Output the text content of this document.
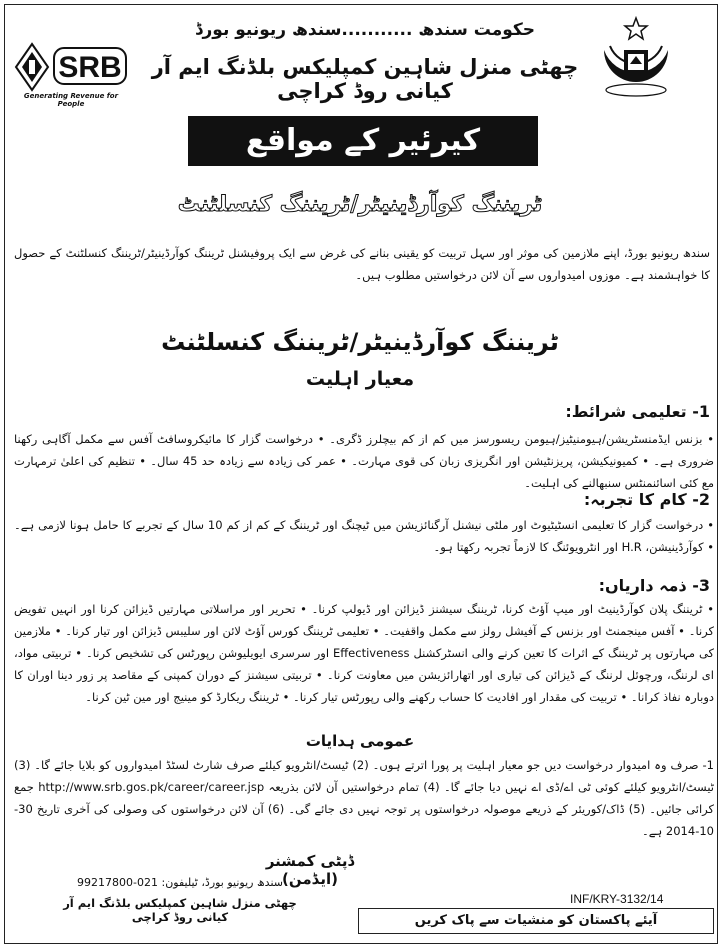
SRB
Generating Revenue for People
حکومت سندھ ...........سندھ ریونیو بورڈ
چھٹی منزل شاہین کمپلیکس بلڈنگ ایم آر کیانی روڈ کراچی
کیرئیر کے مواقع
ٹریننگ کوآرڈینیٹر/ٹریننگ کنسلٹنٹ
سندھ ریونیو بورڈ، اپنے ملازمین کی موثر اور سہل تربیت کو یقینی بنانے کی غرض سے ایک پروفیشنل ٹریننگ کوآرڈینیٹر/ٹریننگ کنسلٹنٹ کے حصول کا خواہشمند ہے۔ موزوں امیدواروں سے آن لائن درخواستیں مطلوب ہیں۔
ٹریننگ کوآرڈینیٹر/ٹریننگ کنسلٹنٹ
معیار اہلیت
1- تعلیمی شرائط:
• بزنس ایڈمنسٹریشن/ہیومنیٹیز/ہیومن ریسورسز میں کم از کم بیچلرز ڈگری۔ • درخواست گزار کا مائیکروسافٹ آفس سے مکمل آگاہی رکھنا ضروری ہے۔ • کمیونیکیشن، پریزنٹیشن اور انگریزی زبان کی قوی مہارت۔ • عمر کی زیادہ سے زیادہ حد 45 سال۔ • تنظیم کی اعلیٰ ترمہارت مع کئی اسائنمنٹس سنبھالنے کی اہلیت۔
2- کام کا تجربہ:
• درخواست گزار کا تعلیمی انسٹیٹیوٹ اور ملٹی نیشنل آرگنائزیشن میں ٹیچنگ اور ٹریننگ کے کم از کم 10 سال کے تجربے کا حامل ہونا لازمی ہے۔ • کوآرڈینیشن، H.R اور انٹرویوئنگ کا لازماً تجربہ رکھتا ہو۔
3- ذمہ داریاں:
• ٹریننگ پلان کوآرڈینیٹ اور میپ آؤٹ کرنا، ٹریننگ سیشنز ڈیزائن اور ڈیولپ کرنا۔ • تحریر اور مراسلاتی مہارتیں ڈیزائن کرنا اور انہیں تفویض کرنا۔ • آفس مینجمنٹ اور بزنس کے آفیشل رولز سے مکمل واقفیت۔ • تعلیمی ٹریننگ کورس آؤٹ لائن اور سلیبس ڈیزائن اور تیار کرنا۔ • ملازمین کی مہارتوں پر ٹریننگ کے اثرات کا تعین کرنے والی انسٹرکشنل Effectiveness اور سرسری ایویلیوشن رپورٹس کی تشخیص کرنا۔ • تربیتی مواد، ای لرننگ، ورچوئل لرننگ کے ڈیزائن کی تیاری اور اتھارائزیشن میں معاونت کرنا۔ • تربیتی سیشنز کے دوران کمپنی کے مقاصد پر زور دینا اوران کا دوبارہ نفاذ کرانا۔ • تربیت کی مقدار اور افادیت کا حساب رکھنے والی رپورٹس تیار کرنا۔ • ٹریننگ ریکارڈ کو مینیج اور مین ٹین کرنا۔
عمومی ہدایات
1- صرف وہ امیدوار درخواست دیں جو معیار اہلیت پر پورا اترتے ہوں۔ (2) ٹیسٹ/انٹرویو کیلئے صرف شارٹ لسٹڈ امیدواروں کو بلایا جائے گا۔ (3) ٹیسٹ/انٹرویو کیلئے کوئی ٹی اے/ڈی اے نہیں دیا جائے گا۔ (4) تمام درخواستیں آن لائن بذریعہ http://www.srb.gos.pk/career/career.jsp جمع کرائی جائیں۔ (5) ڈاک/کوریئر کے ذریعے موصولہ درخواستوں پر توجہ نہیں دی جائے گی۔ (6) آن لائن درخواستوں کی وصولی کی آخری تاریخ 30-10-2014 ہے۔
ڈپٹی کمشنر (ایڈمن)
سندھ ریونیو بورڈ، ٹیلیفون: 021-99217800
چھٹی منزل شاہین کمپلیکس بلڈنگ ایم آر کیانی روڈ کراچی
INF/KRY-3132/14
آیئے پاکستان کو منشیات سے پاک کریں
